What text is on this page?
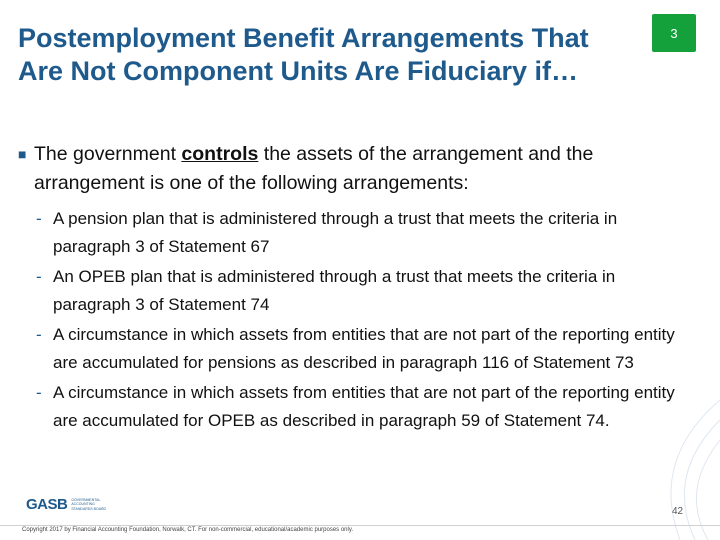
Postemployment Benefit Arrangements That Are Not Component Units Are Fiduciary if…
3
■ The government controls the assets of the arrangement and the arrangement is one of the following arrangements:
- A pension plan that is administered through a trust that meets the criteria in paragraph 3 of Statement 67
- An OPEB plan that is administered through a trust that meets the criteria in paragraph 3 of Statement 74
- A circumstance in which assets from entities that are not part of the reporting entity are accumulated for pensions as described in paragraph 116 of Statement 73
- A circumstance in which assets from entities that are not part of the reporting entity are accumulated for OPEB as described in paragraph 59 of Statement 74.
GASB GOVERNMENTAL ACCOUNTING STANDARDS BOARD	42
Copyright 2017 by Financial Accounting Foundation, Norwalk, CT. For non-commercial, educational/academic purposes only.
